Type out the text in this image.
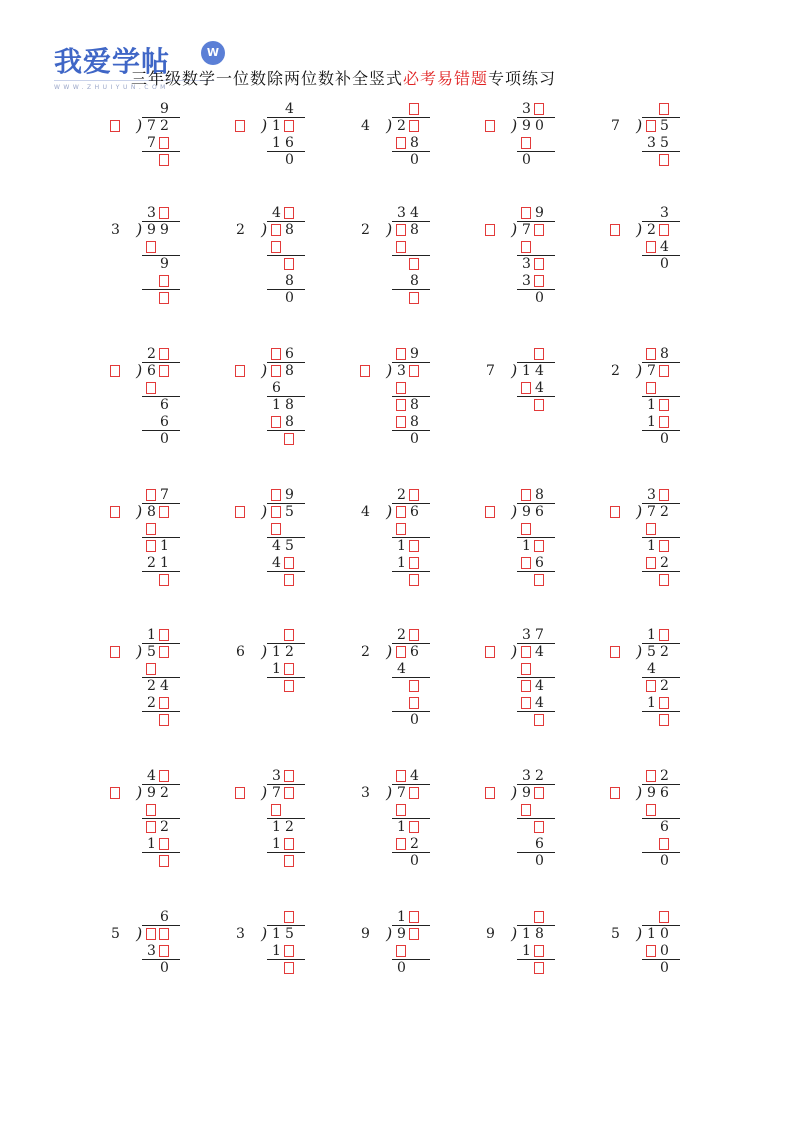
我爱学帖	W
WWW.ZHUIYUN.COM
三年级数学一位数除两位数补全竖式必考易错题专项练习
9
) 7 2
7
4
) 1
1 6
0
)
4 2
8
0
3
) 9 0
0
)
7	5
3 5
3
)
3 9 9
9
4
)
2	8
8
0
3 4
)
2	8
8
9
) 7
3
3
0
3
) 2
4
0
2
) 6
6
6
0
6
) 8
6
1 8
8
9
) 3
8
8
0
)
7 1 4
4
8
)
2 7
1
1
0
7
) 8
1
2 1
9
) 5
4 5
4
2
)
4	6
1
1
8
) 9 6
1
6
3
) 7 2
1
2
1
) 5
2 4
2
)
6 1 2
1
2
)
2	6
4
0
3 7
) 4
4
4
1
) 5 2
4
2
1
4
) 9 2
2
1
3
) 7
1 2
1
4
)
3 7
1
2
0
3 2
) 9
6
0
2
) 9 6
6
0
6
)
5
3
0
)
3 1 5
1
1
)
9 9
0
)
9 1 8
1
)
5 1 0
0
0
